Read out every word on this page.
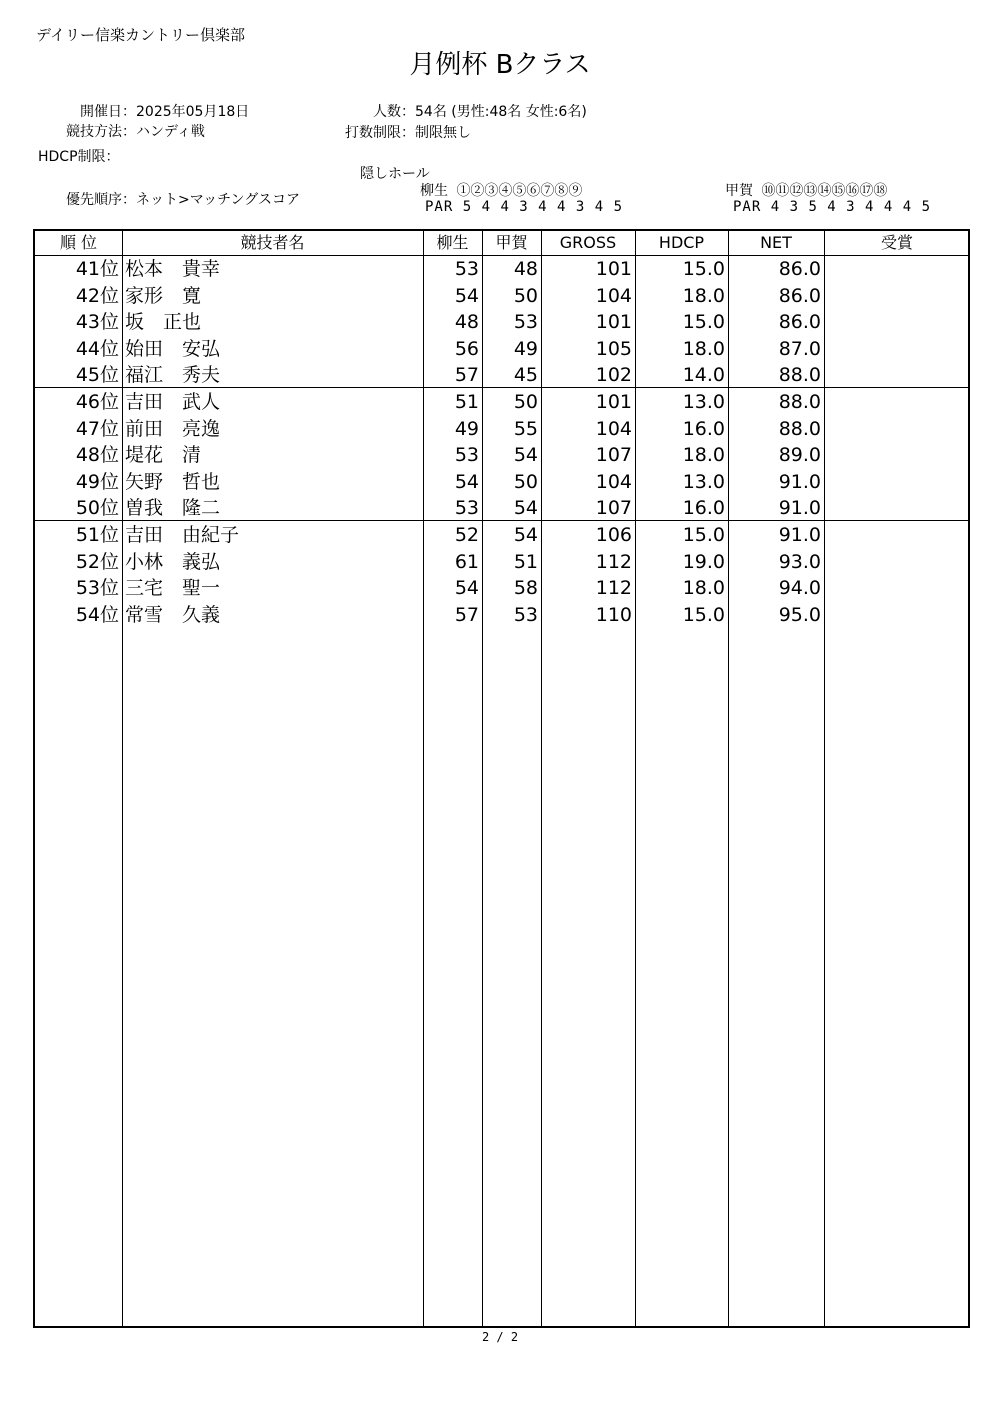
デイリー信楽カントリー倶楽部
月例杯 Bクラス
開催日：2025年05月18日	人数：54名 (男性:48名 女性:6名)
競技方法：ハンディ戦	打数制限：制限無し
HDCP制限：
隠しホール
優先順序：ネット>マッチングスコア
柳生 ①②③④⑤⑥⑦⑧⑨
PAR 5 4 4 3 4 4 3 4 5
甲賀 ⑩⑪⑫⑬⑭⑮⑯⑰⑱
PAR 4 3 5 4 3 4 4 4 5
順 位	競技者名	柳生	甲賀	GROSS	HDCP	NET	受賞
41位 松本　貴幸	53	48	101	15.0	86.0
42位 家形　寛	54	50	104	18.0	86.0
43位 坂　正也	48	53	101	15.0	86.0
44位 始田　安弘	56	49	105	18.0	87.0
45位 福江　秀夫	57	45	102	14.0	88.0
46位 吉田　武人	51	50	101	13.0	88.0
47位 前田　亮逸	49	55	104	16.0	88.0
48位 堤花　清	53	54	107	18.0	89.0
49位 矢野　哲也	54	50	104	13.0	91.0
50位 曽我　隆二	53	54	107	16.0	91.0
51位 吉田　由紀子	52	54	106	15.0	91.0
52位 小林　義弘	61	51	112	19.0	93.0
53位 三宅　聖一	54	58	112	18.0	94.0
54位 常雪　久義	57	53	110	15.0	95.0
2 / 2
